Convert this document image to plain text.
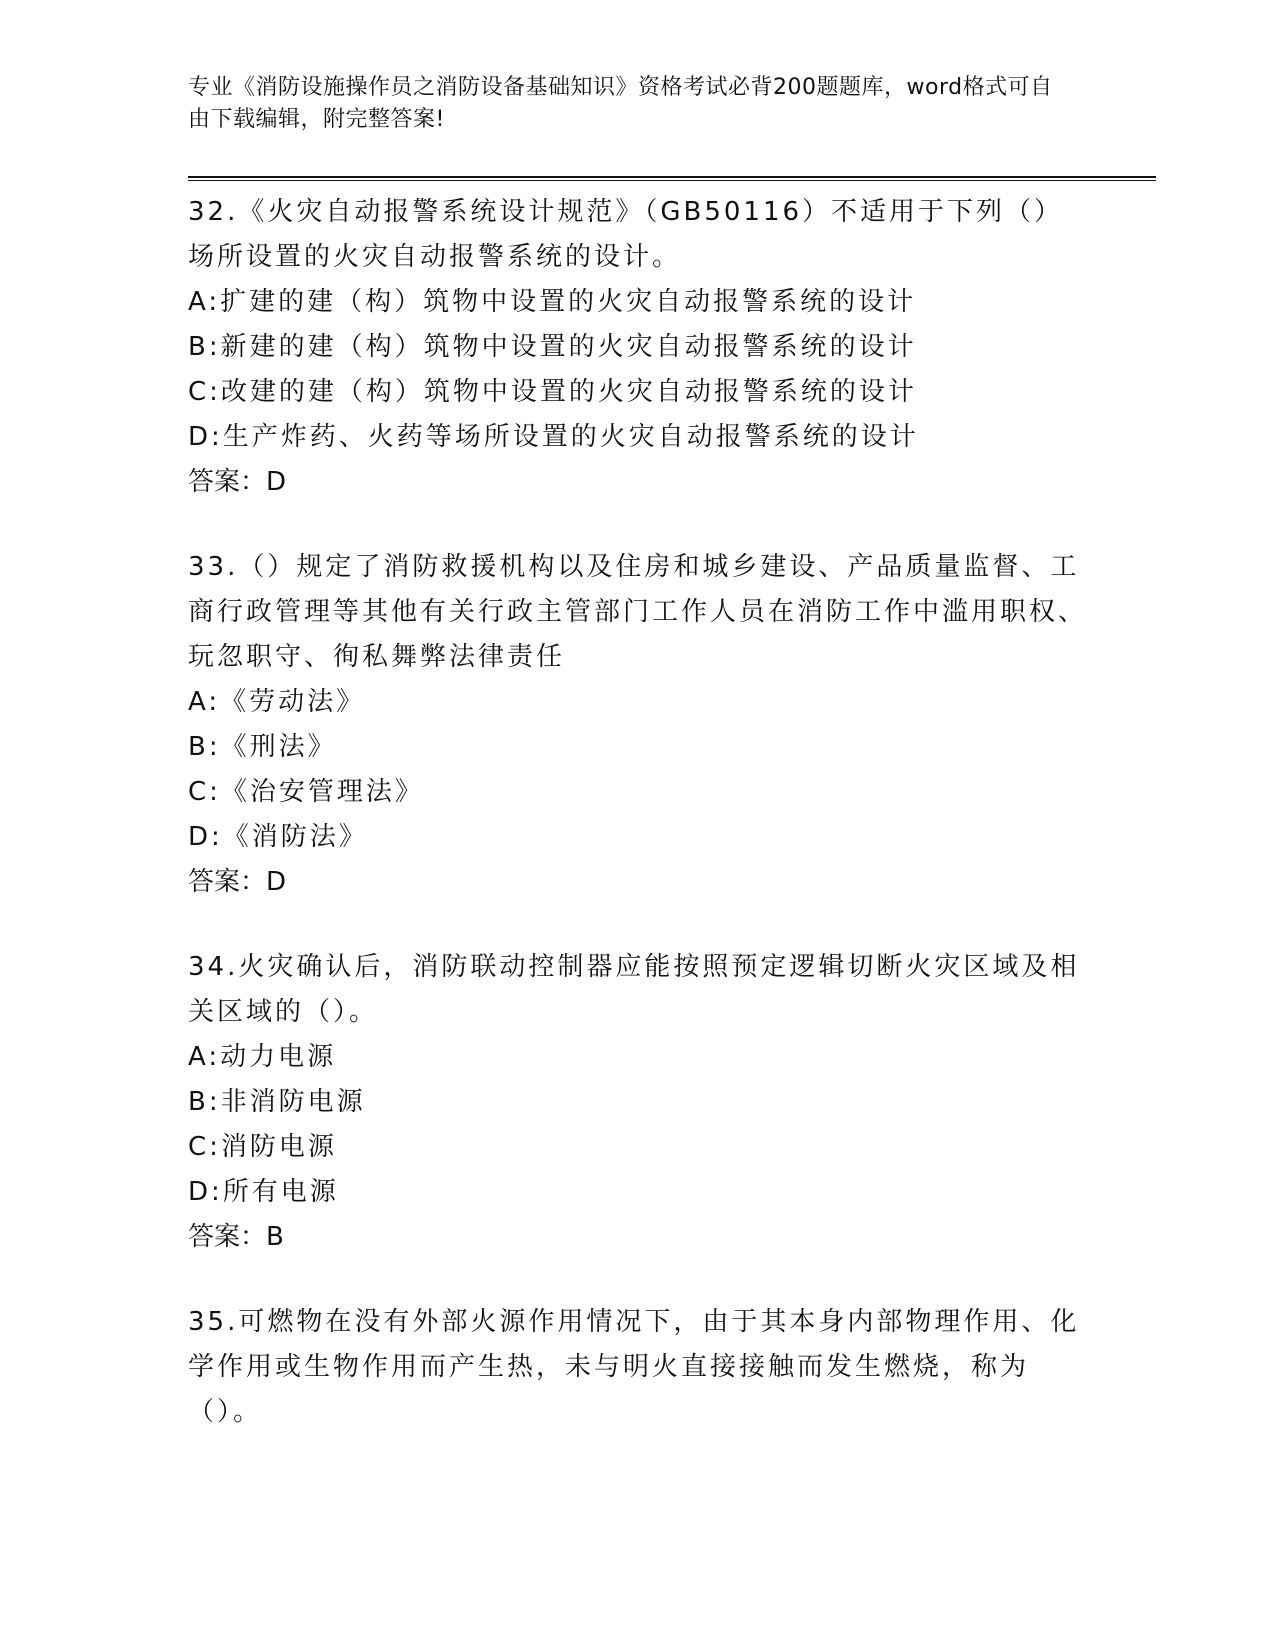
专业《消防设施操作员之消防设备基础知识》资格考试必背200题题库，word格式可自由下载编辑，附完整答案!

32.《火灾自动报警系统设计规范》（GB50116）不适用于下列（）场所设置的火灾自动报警系统的设计。

A:扩建的建（构）筑物中设置的火灾自动报警系统的设计

B:新建的建（构）筑物中设置的火灾自动报警系统的设计

C:改建的建（构）筑物中设置的火灾自动报警系统的设计

D:生产炸药、火药等场所设置的火灾自动报警系统的设计

答案：D

33.（）规定了消防救援机构以及住房和城乡建设、产品质量监督、工商行政管理等其他有关行政主管部门工作人员在消防工作中滥用职权、玩忽职守、徇私舞弊法律责任

A:《劳动法》

B:《刑法》

C:《治安管理法》

D:《消防法》

答案：D

34.火灾确认后，消防联动控制器应能按照预定逻辑切断火灾区域及相关区域的（）。

A:动力电源

B:非消防电源

C:消防电源

D:所有电源

答案：B

35.可燃物在没有外部火源作用情况下，由于其本身内部物理作用、化学作用或生物作用而产生热，未与明火直接接触而发生燃烧，称为（）。
